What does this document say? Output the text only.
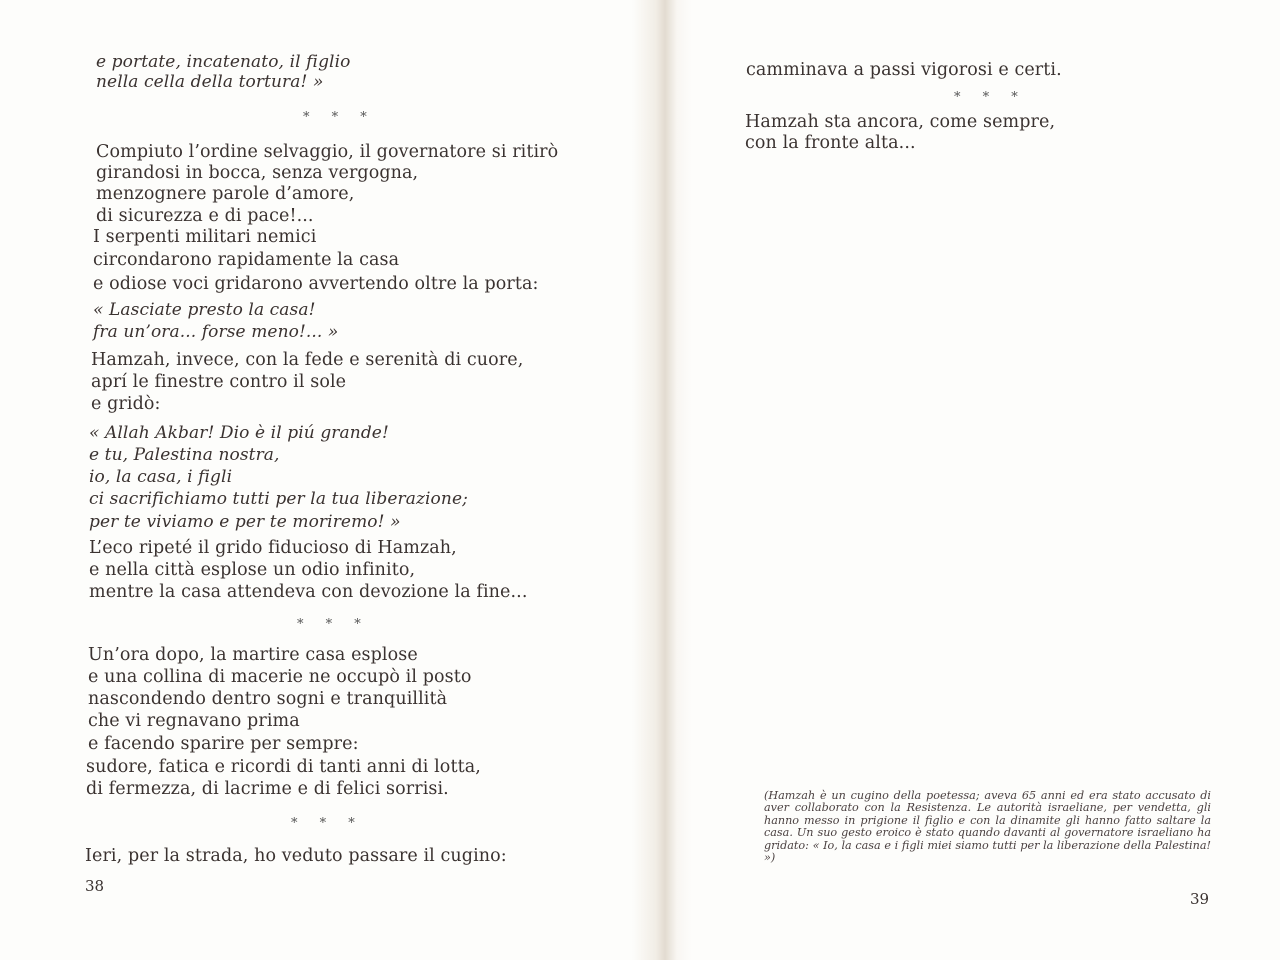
e portate, incatenato, il figlio
nella cella della tortura! »
* * *
Compiuto l’ordine selvaggio, il governatore si ritirò
girandosi in bocca, senza vergogna,
menzognere parole d’amore,
di sicurezza e di pace!...
I serpenti militari nemici
circondarono rapidamente la casa
e odiose voci gridarono avvertendo oltre la porta:
« Lasciate presto la casa!
fra un’ora... forse meno!... »
Hamzah, invece, con la fede e serenità di cuore,
aprí le finestre contro il sole
e gridò:
« Allah Akbar! Dio è il piú grande!
e tu, Palestina nostra,
io, la casa, i figli
ci sacrifichiamo tutti per la tua liberazione;
per te viviamo e per te moriremo! »
L’eco ripeté il grido fiducioso di Hamzah,
e nella città esplose un odio infinito,
mentre la casa attendeva con devozione la fine...
* * *
Un’ora dopo, la martire casa esplose
e una collina di macerie ne occupò il posto
nascondendo dentro sogni e tranquillità
che vi regnavano prima
e facendo sparire per sempre:
sudore, fatica e ricordi di tanti anni di lotta,
di fermezza, di lacrime e di felici sorrisi.
* * *
Ieri, per la strada, ho veduto passare il cugino:
38
camminava a passi vigorosi e certi.
* * *
Hamzah sta ancora, come sempre,
con la fronte alta...
39
(Hamzah è un cugino della poetessa; aveva 65 anni ed era stato accusato di aver collaborato con la Resistenza. Le autorità israeliane, per vendetta, gli hanno messo in prigione il figlio e con la dinamite gli hanno fatto saltare la casa. Un suo gesto eroico è stato quando davanti al governatore israeliano ha gridato: « Io, la casa e i figli miei siamo tutti per la liberazione della Palestina! »)
